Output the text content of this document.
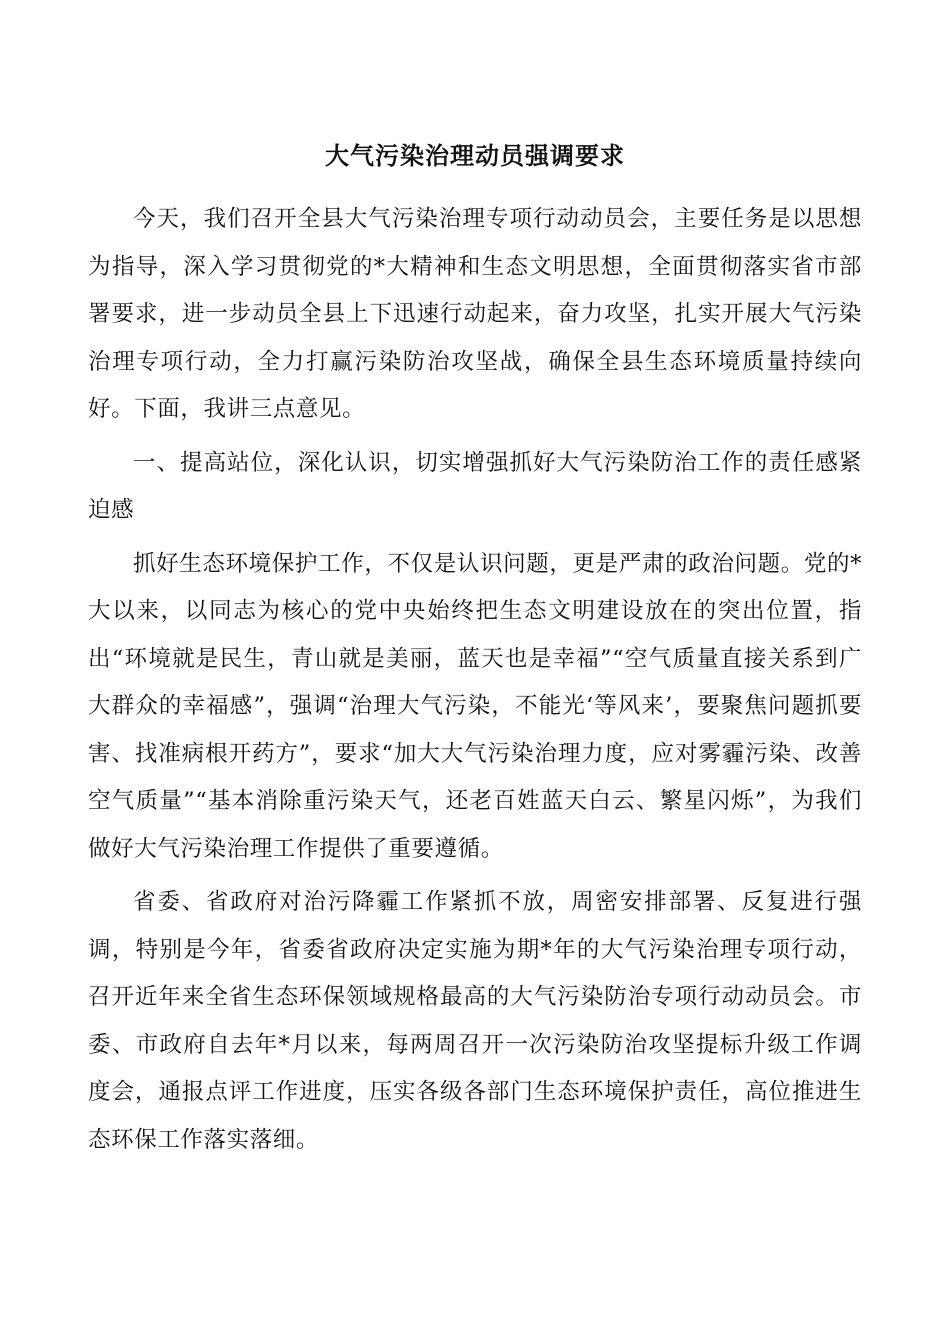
大气污染治理动员强调要求

今天，我们召开全县大气污染治理专项行动动员会，主要任务是以思想为指导，深入学习贯彻党的*大精神和生态文明思想，全面贯彻落实省市部署要求，进一步动员全县上下迅速行动起来，奋力攻坚，扎实开展大气污染治理专项行动，全力打赢污染防治攻坚战，确保全县生态环境质量持续向好。下面，我讲三点意见。

一、提高站位，深化认识，切实增强抓好大气污染防治工作的责任感紧迫感

抓好生态环境保护工作，不仅是认识问题，更是严肃的政治问题。党的*大以来，以同志为核心的党中央始终把生态文明建设放在的突出位置，指出“环境就是民生，青山就是美丽，蓝天也是幸福”“空气质量直接关系到广大群众的幸福感”，强调“治理大气污染，不能光‘等风来’，要聚焦问题抓要害、找准病根开药方”，要求“加大大气污染治理力度，应对雾霾污染、改善空气质量”“基本消除重污染天气，还老百姓蓝天白云、繁星闪烁”，为我们做好大气污染治理工作提供了重要遵循。

省委、省政府对治污降霾工作紧抓不放，周密安排部署、反复进行强调，特别是今年，省委省政府决定实施为期*年的大气污染治理专项行动，召开近年来全省生态环保领域规格最高的大气污染防治专项行动动员会。市委、市政府自去年*月以来，每两周召开一次污染防治攻坚提标升级工作调度会，通报点评工作进度，压实各级各部门生态环境保护责任，高位推进生态环保工作落实落细。
